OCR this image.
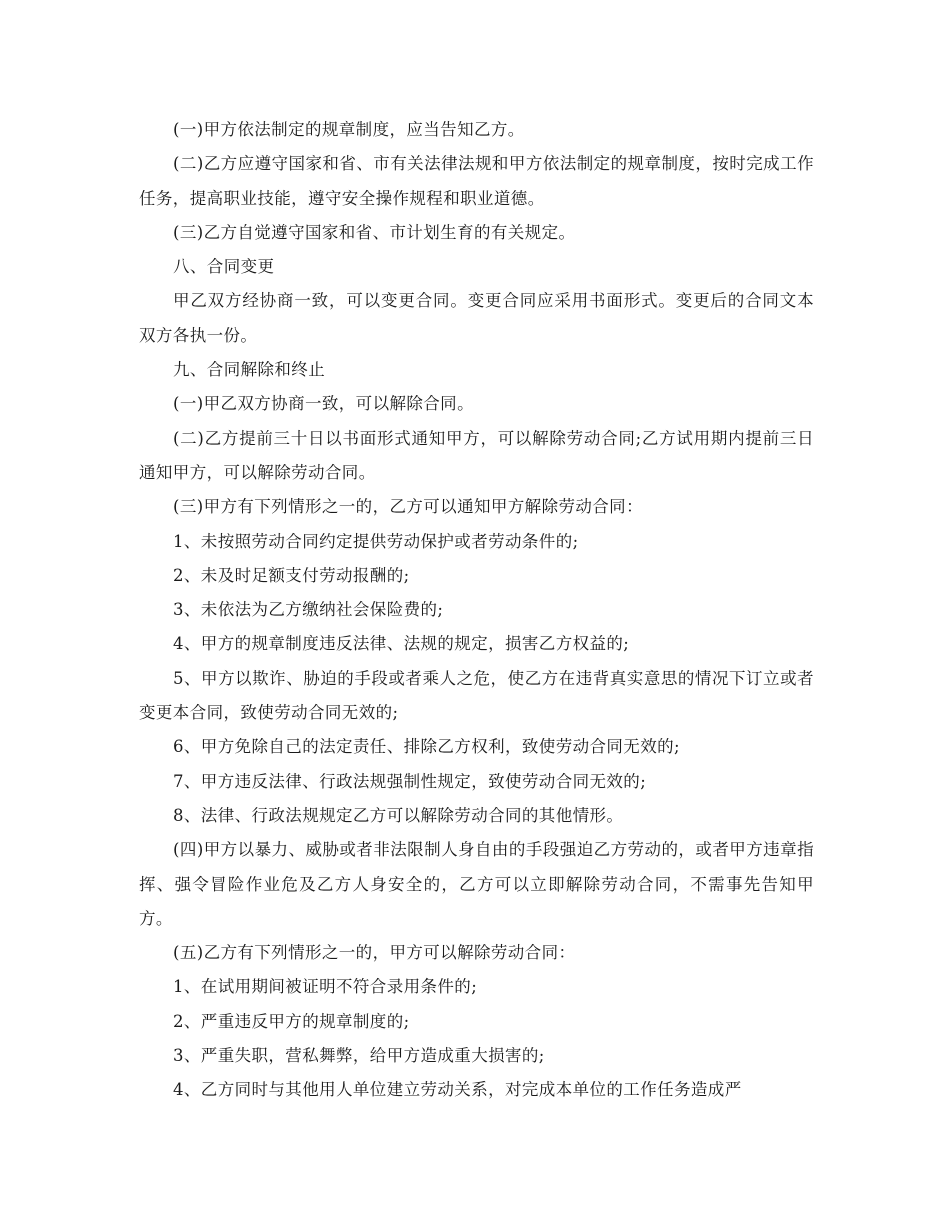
(一)甲方依法制定的规章制度，应当告知乙方。

(二)乙方应遵守国家和省、市有关法律法规和甲方依法制定的规章制度，按时完成工作任务，提高职业技能，遵守安全操作规程和职业道德。

(三)乙方自觉遵守国家和省、市计划生育的有关规定。

八、合同变更

甲乙双方经协商一致，可以变更合同。变更合同应采用书面形式。变更后的合同文本双方各执一份。

九、合同解除和终止

(一)甲乙双方协商一致，可以解除合同。

(二)乙方提前三十日以书面形式通知甲方，可以解除劳动合同;乙方试用期内提前三日通知甲方，可以解除劳动合同。

(三)甲方有下列情形之一的，乙方可以通知甲方解除劳动合同：

1、未按照劳动合同约定提供劳动保护或者劳动条件的;

2、未及时足额支付劳动报酬的;

3、未依法为乙方缴纳社会保险费的;

4、甲方的规章制度违反法律、法规的规定，损害乙方权益的;

5、甲方以欺诈、胁迫的手段或者乘人之危，使乙方在违背真实意思的情况下订立或者变更本合同，致使劳动合同无效的;

6、甲方免除自己的法定责任、排除乙方权利，致使劳动合同无效的;

7、甲方违反法律、行政法规强制性规定，致使劳动合同无效的;

8、法律、行政法规规定乙方可以解除劳动合同的其他情形。

(四)甲方以暴力、威胁或者非法限制人身自由的手段强迫乙方劳动的，或者甲方违章指挥、强令冒险作业危及乙方人身安全的，乙方可以立即解除劳动合同，不需事先告知甲方。

(五)乙方有下列情形之一的，甲方可以解除劳动合同：

1、在试用期间被证明不符合录用条件的;

2、严重违反甲方的规章制度的;

3、严重失职，营私舞弊，给甲方造成重大损害的;

4、乙方同时与其他用人单位建立劳动关系，对完成本单位的工作任务造成严
